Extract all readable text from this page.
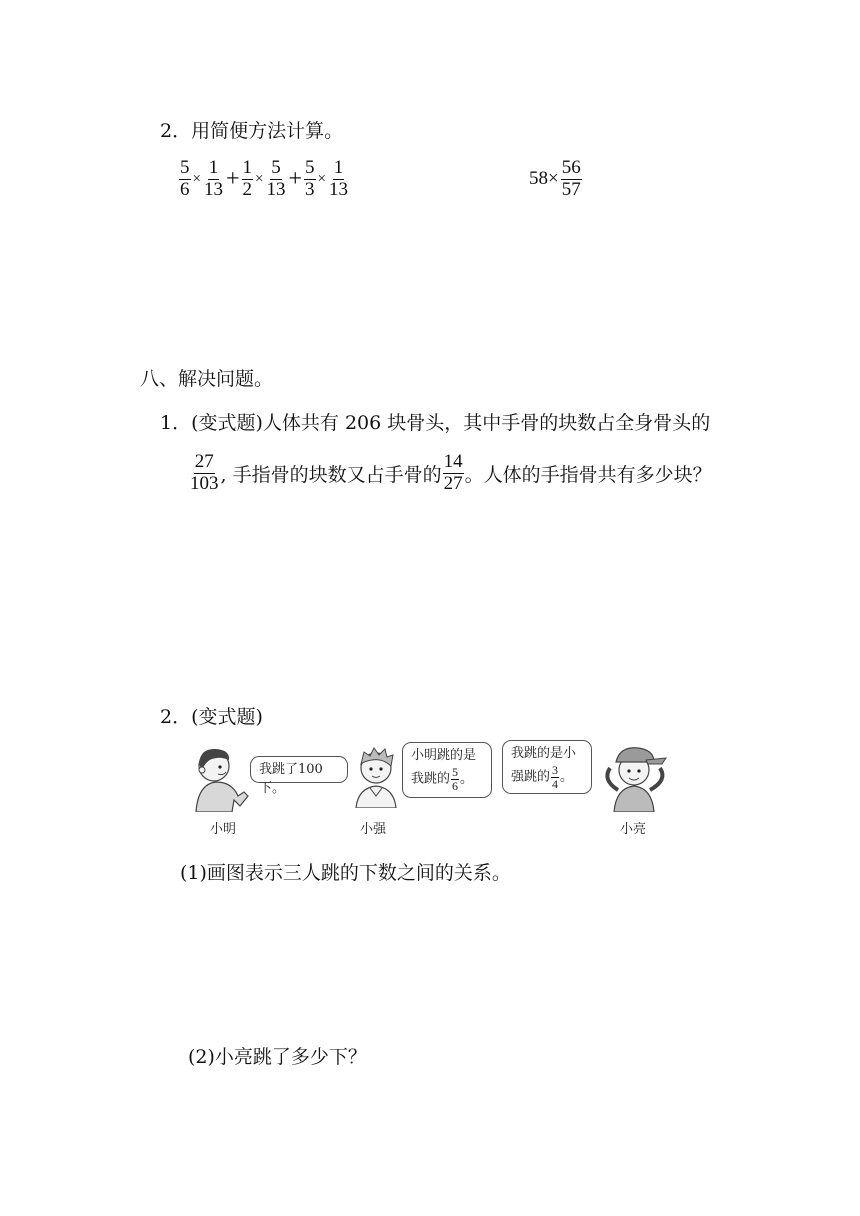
2．用简便方法计算。
$\frac{5}{6} \times \frac{1}{13} + \frac{1}{2} \times \frac{5}{13} + \frac{5}{3} \times \frac{1}{13}$	$58\times \frac{56}{57}$
八、解决问题。
1．(变式题)人体共有 206 块骨头，其中手骨的块数占全身骨头的
$\frac{27}{103}$ , 手指骨的块数又占手骨的 $\frac{14}{27}$ 。人体的手指骨共有多少块？
2．(变式题)
我跳了100 下。
小明跳的是
我跳的 $\frac{5}{6}$ 。
我跳的是小
强跳的 $\frac{3}{4}$ 。
小明	小强	小亮
(1)画图表示三人跳的下数之间的关系。
(2)小亮跳了多少下？
